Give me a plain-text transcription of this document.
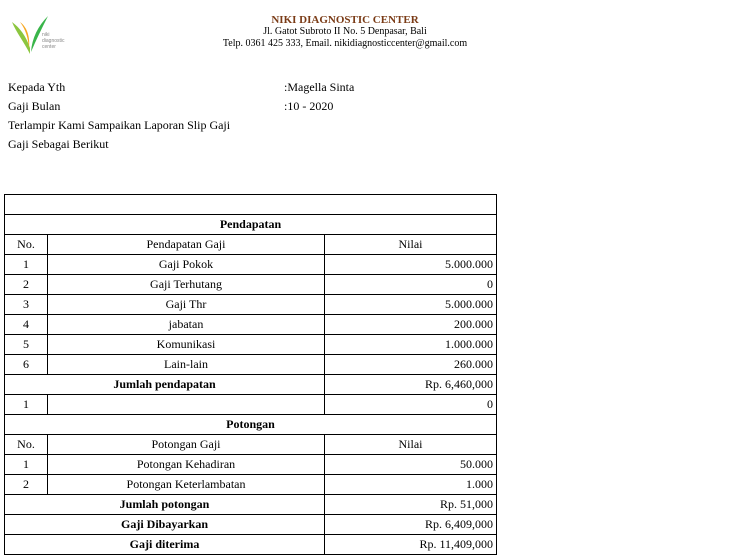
niki
diagnostic
center
NIKI DIAGNOSTIC CENTER
Jl. Gatot Subroto II No. 5 Denpasar, Bali
Telp. 0361 425 333, Email. nikidiagnosticcenter@gmail.com
Kepada Yth	:Magella Sinta
Gaji Bulan	:10 - 2020
Terlampir Kami Sampaikan Laporan Slip Gaji
Gaji Sebagai Berikut

Pendapatan		
No.	Pendapatan Gaji	Nilai
1	Gaji Pokok	5.000.000
2	Gaji Terhutang	0
3	Gaji Thr	5.000.000
4	jabatan	200.000
5	Komunikasi	1.000.000
6	Lain-lain	260.000
Jumlah pendapatan		Rp. 6,460,000
1		0
Potongan		
No.	Potongan Gaji	Nilai
1	Potongan Kehadiran	50.000
2	Potongan Keterlambatan	1.000
Jumlah potongan		Rp. 51,000
Gaji Dibayarkan		Rp. 6,409,000
Gaji diterima		Rp. 11,409,000
